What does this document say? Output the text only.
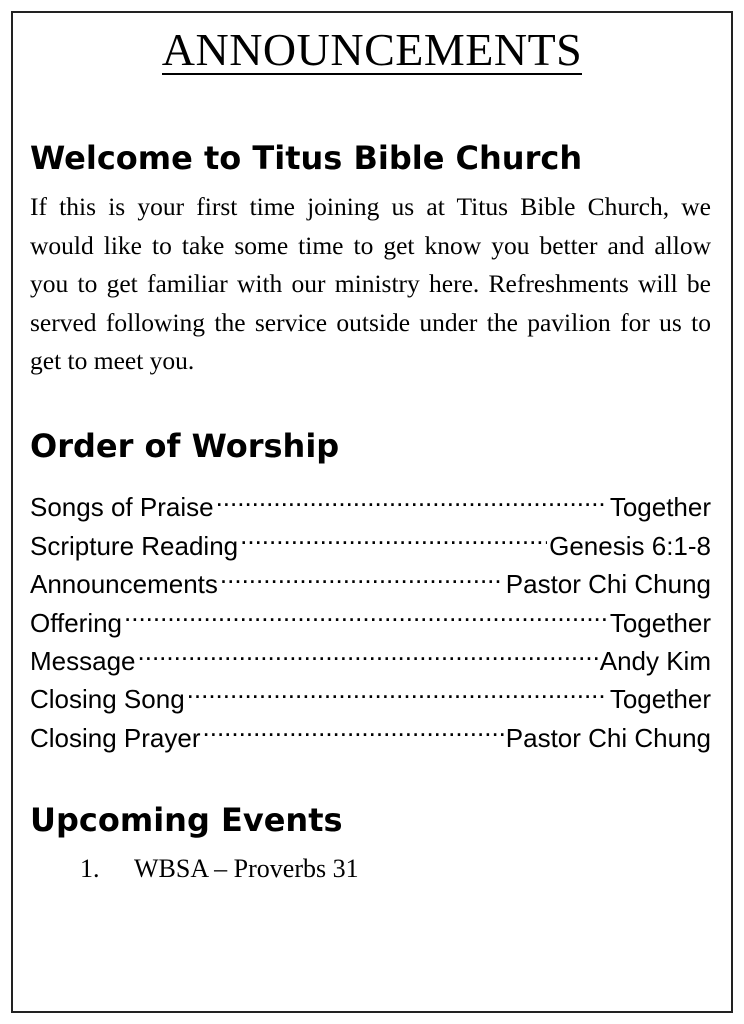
ANNOUNCEMENTS
Welcome to Titus Bible Church
If this is your first time joining us at Titus Bible Church, we would like to take some time to get know you better and allow you to get familiar with our ministry here. Refreshments will be served following the service outside under the pavilion for us to get to meet you.
Order of Worship
Songs of Praise .....	Together
Scripture Reading .....	Genesis 6:1-8
Announcements .....	Pastor Chi Chung
Offering .....	Together
Message .....	Andy Kim
Closing Song .....	Together
Closing Prayer .....	Pastor Chi Chung
Upcoming Events
1.	WBSA – Proverbs 31
